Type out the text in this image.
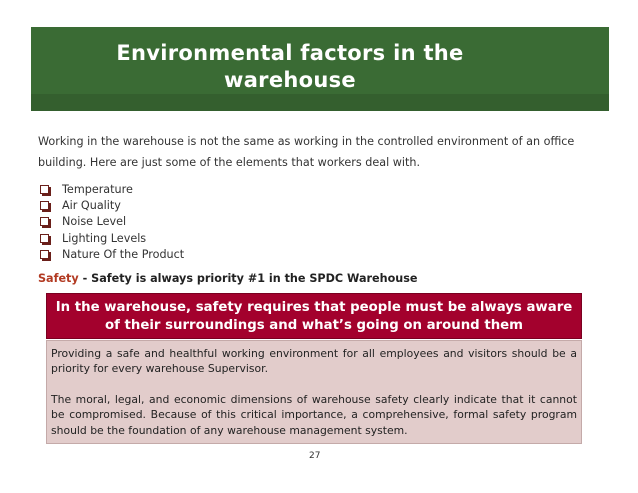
Environmental factors in the
warehouse
Working in the warehouse is not the same as working in the controlled environment of an office building. Here are just some of the elements that workers deal with.
Temperature
Air Quality
Noise Level
Lighting Levels
Nature Of the Product
Safety - Safety is always priority #1 in the SPDC Warehouse
In the warehouse, safety requires that people must be always aware of their surroundings and what’s going on around them

Providing a safe and healthful working environment for all employees and visitors should be a priority for every warehouse Supervisor.

The moral, legal, and economic dimensions of warehouse safety clearly indicate that it cannot be compromised. Because of this critical importance, a comprehensive, formal safety program should be the foundation of any warehouse management system.

27
